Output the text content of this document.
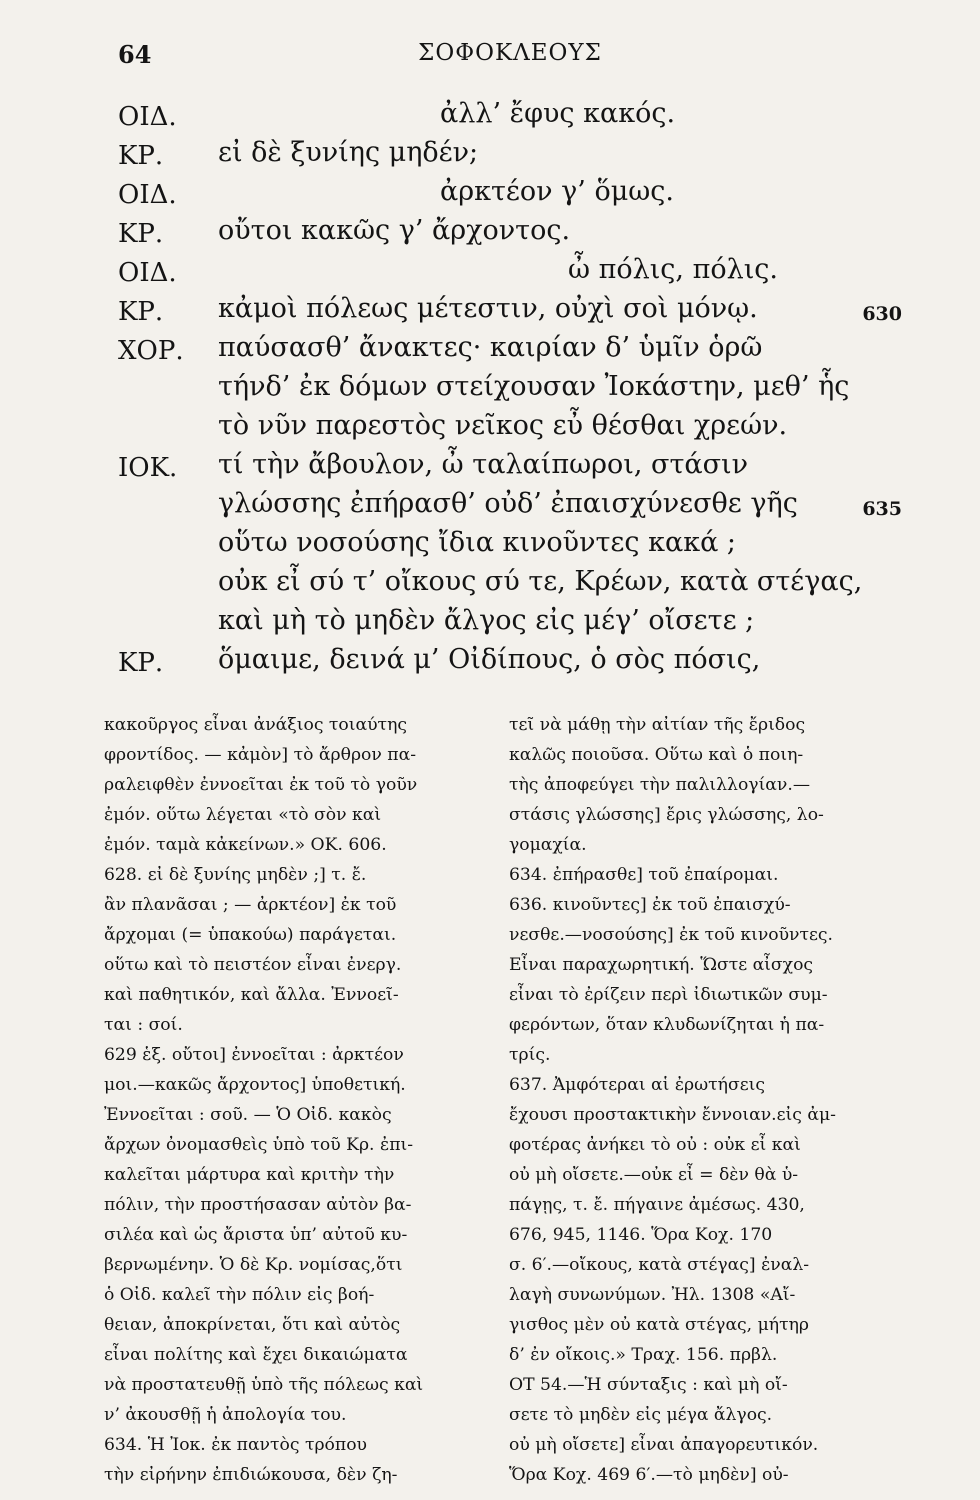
64	ΣΟΦΟΚΛΕΟΥΣ
ΟΙΔ.	ἀλλ’ ἔφυς κακός.
ΚΡ. εἰ δὲ ξυνίης μηδέν;
ΟΙΔ.	ἀρκτέον γ’ ὅμως.
ΚΡ. οὔτοι κακῶς γ’ ἄρχοντος.
ΟΙΔ.	ὦ πόλις, πόλις.
ΚΡ. κἀμοὶ πόλεως μέτεστιν, οὐχὶ σοὶ μόνῳ.	630
ΧΟΡ. παύσασθ’ ἄνακτες· καιρίαν δ’ ὑμῖν ὁρῶ
τήνδ’ ἐκ δόμων στείχουσαν Ἰοκάστην, μεθ’ ἧς
τὸ νῦν παρεστὸς νεῖκος εὖ θέσθαι χρεών.
ΙΟΚ. τί τὴν ἄβουλον, ὦ ταλαίπωροι, στάσιν
γλώσσης ἐπήρασθ’ οὐδ’ ἐπαισχύνεσθε γῆς	635
οὕτω νοσούσης ἴδια κινοῦντες κακά ;
οὐκ εἶ σύ τ’ οἴκους σύ τε, Κρέων, κατὰ στέγας,
καὶ μὴ τὸ μηδὲν ἄλγος εἰς μέγ’ οἴσετε ;
ΚΡ. ὅμαιμε, δεινά μ’ Οἰδίπους, ὁ σὸς πόσις,
κακοῦργος εἶναι ἀνάξιος τοιαύτης
φροντίδος. — κἀμὸν] τὸ ἄρθρον πα-
ραλειφθὲν ἐννοεῖται ἐκ τοῦ τὸ γοῦν
ἐμόν. οὕτω λέγεται «τὸ σὸν καὶ
ἐμόν. ταμὰ κἀκείνων.» ΟΚ. 606.
628. εἰ δὲ ξυνίης μηδὲν ;] τ. ἔ.
ἂν πλανᾶσαι ; — ἀρκτέον] ἐκ τοῦ
ἄρχομαι (= ὑπακούω) παράγεται.
οὕτω καὶ τὸ πειστέον εἶναι ἐνεργ.
καὶ παθητικόν, καὶ ἄλλα. Ἐννοεῖ-
ται : σοί.
629 ἑξ. οὔτοι] ἐννοεῖται : ἀρκτέον
μοι.—κακῶς ἄρχοντος] ὑποθετική.
Ἐννοεῖται : σοῦ. — Ὁ Οἰδ. κακὸς
ἄρχων ὀνομασθεὶς ὑπὸ τοῦ Κρ. ἐπι-
καλεῖται μάρτυρα καὶ κριτὴν τὴν
πόλιν, τὴν προστήσασαν αὐτὸν βα-
σιλέα καὶ ὡς ἄριστα ὑπ’ αὐτοῦ κυ-
βερνωμένην. Ὁ δὲ Κρ. νομίσας,ὅτι
ὁ Οἰδ. καλεῖ τὴν πόλιν εἰς βοή-
θειαν, ἀποκρίνεται, ὅτι καὶ αὐτὸς
εἶναι πολίτης καὶ ἔχει δικαιώματα
νὰ προστατευθῇ ὑπὸ τῆς πόλεως καὶ
ν’ ἀκουσθῇ ἡ ἀπολογία του.
634. Ἡ Ἰοκ. ἐκ παντὸς τρόπου
τὴν εἰρήνην ἐπιδιώκουσα, δὲν ζη-
τεῖ νὰ μάθῃ τὴν αἰτίαν τῆς ἔριδος
καλῶς ποιοῦσα. Οὕτω καὶ ὁ ποιη-
τὴς ἀποφεύγει τὴν παλιλλογίαν.—
στάσις γλώσσης] ἔρις γλώσσης, λο-
γομαχία.
634. ἐπήρασθε] τοῦ ἐπαίρομαι.
636. κινοῦντες] ἐκ τοῦ ἐπαισχύ-
νεσθε.—νοσούσης] ἐκ τοῦ κινοῦντες.
Εἶναι παραχωρητική. Ὥστε αἶσχος
εἶναι τὸ ἐρίζειν περὶ ἰδιωτικῶν συμ-
φερόντων, ὅταν κλυδωνίζηται ἡ πα-
τρίς.
637. Ἀμφότεραι αἱ ἐρωτήσεις
ἔχουσι προστακτικὴν ἔννοιαν.εἰς ἀμ-
φοτέρας ἀνήκει τὸ οὐ : οὐκ εἶ καὶ
οὐ μὴ οἴσετε.—οὐκ εἶ = δὲν θὰ ὑ-
πάγῃς, τ. ἔ. πήγαινε ἀμέσως. 430,
676, 945, 1146. Ὅρα Κοχ. 170
σ. 6′.—οἴκους, κατὰ στέγας] ἐναλ-
λαγὴ συνωνύμων. Ἠλ. 1308 «Αἴ-
γισθος μὲν οὐ κατὰ στέγας, μήτηρ
δ’ ἐν οἴκοις.» Τραχ. 156. πρβλ.
ΟΤ 54.—Ἡ σύνταξις : καὶ μὴ οἴ-
σετε τὸ μηδὲν εἰς μέγα ἄλγος.
οὐ μὴ οἴσετε] εἶναι ἀπαγορευτικόν.
Ὅρα Κοχ. 469 6′.—τὸ μηδὲν] οὐ-
